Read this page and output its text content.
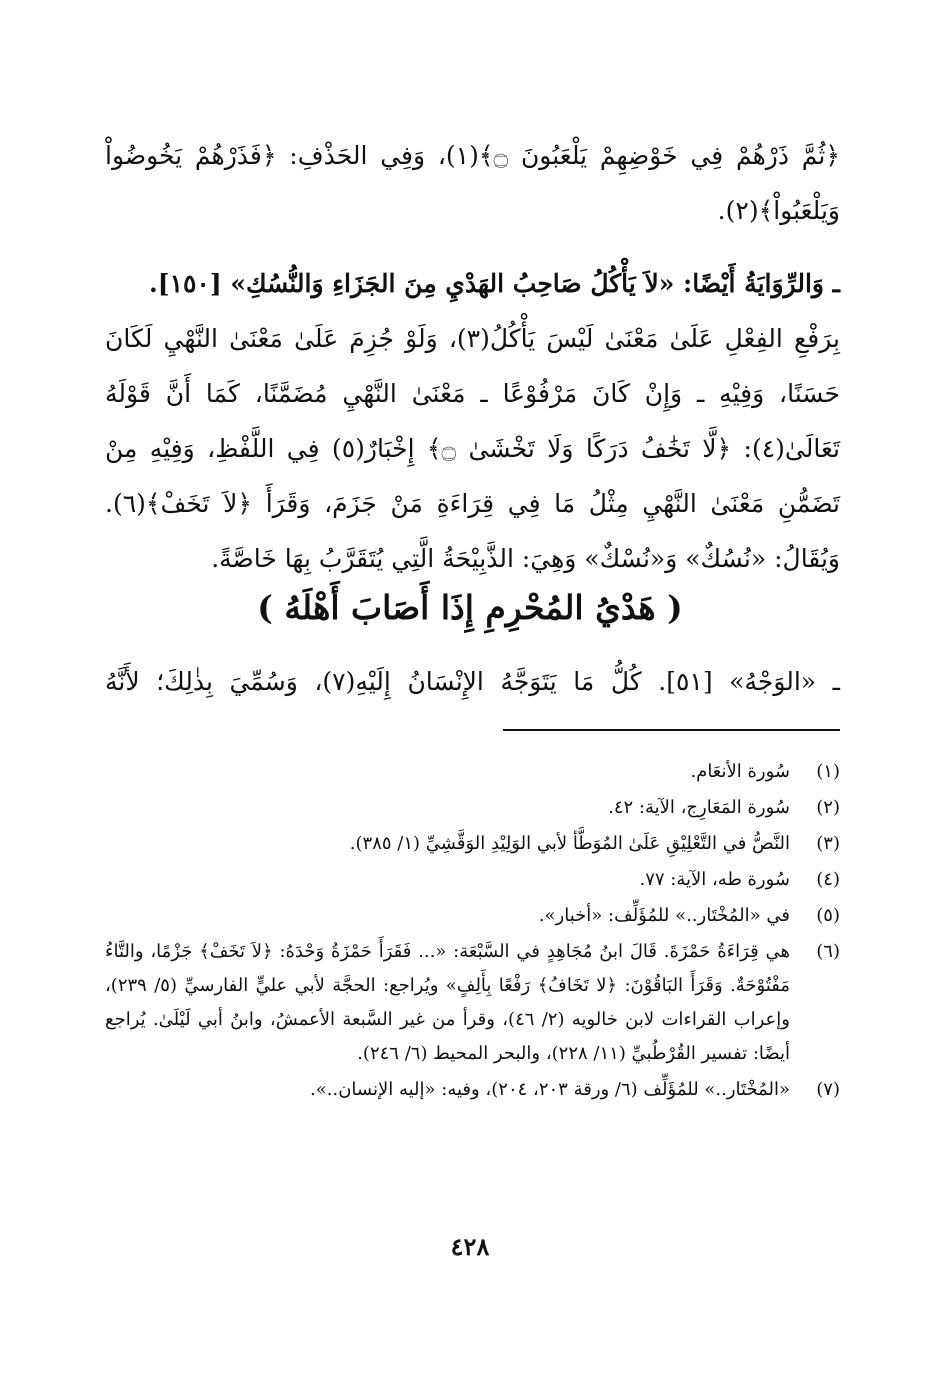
﴿ثُمَّ ذَرْهُمْ فِي خَوْضِهِمْ يَلْعَبُونَ ۝﴾(١)، وَفِي الحَذْفِ: ﴿فَذَرْهُمْ يَخُوضُواْ وَيَلْعَبُواْ﴾(٢).

ـ وَالرِّوَايَةُ أَيْضًا: «لاَ يَأْكُلُ صَاحِبُ الهَدْيِ مِنَ الجَزَاءِ وَالنُّسُكِ» [١٥٠].

بِرَفْعِ الفِعْلِ عَلَىٰ مَعْنَىٰ لَيْسَ يَأْكُلُ(٣)، وَلَوْ جُزِمَ عَلَىٰ مَعْنَىٰ النَّهْيِ لَكَانَ حَسَنًا، وَفِيْهِ ـ وَإِنْ كَانَ مَرْفُوْعًا ـ مَعْنَىٰ النَّهْيِ مُضَمَّنًا، كَمَا أَنَّ قَوْلَهُ تَعَالَىٰ(٤): ﴿لَّا تَخَٰفُ دَرَكًا وَلَا تَخْشَىٰ ۝﴾ إِخْبَارٌ(٥) فِي اللَّفْظِ، وَفِيْهِ مِنْ تَضَمُّنِ مَعْنَىٰ النَّهْيِ مِثْلُ مَا فِي قِرَاءَةِ مَنْ جَزَمَ، وَقَرَأَ ﴿لاَ تَخَفْ﴾(٦). وَيُقَالُ: «نُسُكٌ» وَ«نُسْكٌ» وَهِيَ: الذَّبِيْحَةُ الَّتِي يُتَقَرَّبُ بِهَا خَاصَّةً.

( هَدْيُ المُحْرِمِ إِذَا أَصَابَ أَهْلَهُ )
ـ «الوَجْهُ» [٥١]. كُلُّ مَا يَتَوَجَّهُ الإِنْسَانُ إِلَيْهِ(٧)، وَسُمِّيَ بِذٰلِكَ؛ لأَنَّهُ
(١)
سُورة الأنعَام.
(٢)
سُورة المَعَارِج، الآية: ٤٢.
(٣)
النَّصُّ في التَّعْلِيْقِ عَلَىٰ المُوَطَّأ لأبي الوَلِيْدِ الوَقَّشِيِّ (١/ ٣٨٥).
(٤)
سُورة طه، الآية: ٧٧.
(٥)
في «المُخْتَار..» للمُؤَلِّف: «أخبار».
(٦)
هي قِرَاءَةُ حَمْزَةَ. قَالَ ابنُ مُجَاهِدٍ في السَّبْعَة: «... فَقَرَأَ حَمْزَةُ وَحْدَهُ: ﴿لاَ تَخَفْ﴾ جَزْمًا، والتَّاءُ مَفْتُوْحَةٌ. وَقَرَأَ البَاقُوْنَ: ﴿لا تَخَافُ﴾ رَفْعًا بِأَلِفٍ» ويُراجع: الحجَّة لأبي عليٍّ الفارسيِّ (٥/ ٢٣٩)، وإعراب القراءات لابن خالويه (٢/ ٤٦)، وقرأ من غير السَّبعة الأعمشُ، وابنُ أبي لَيْلَىٰ. يُراجع أيضًا: تفسير القُرْطُبيِّ (١١/ ٢٢٨)، والبحر المحيط (٦/ ٢٤٦).
(٧)
«المُخْتَار..» للمُؤَلِّف (٦/ ورقة ٢٠٣، ٢٠٤)، وفيه: «إليه الإنسان..».
٤٢٨
